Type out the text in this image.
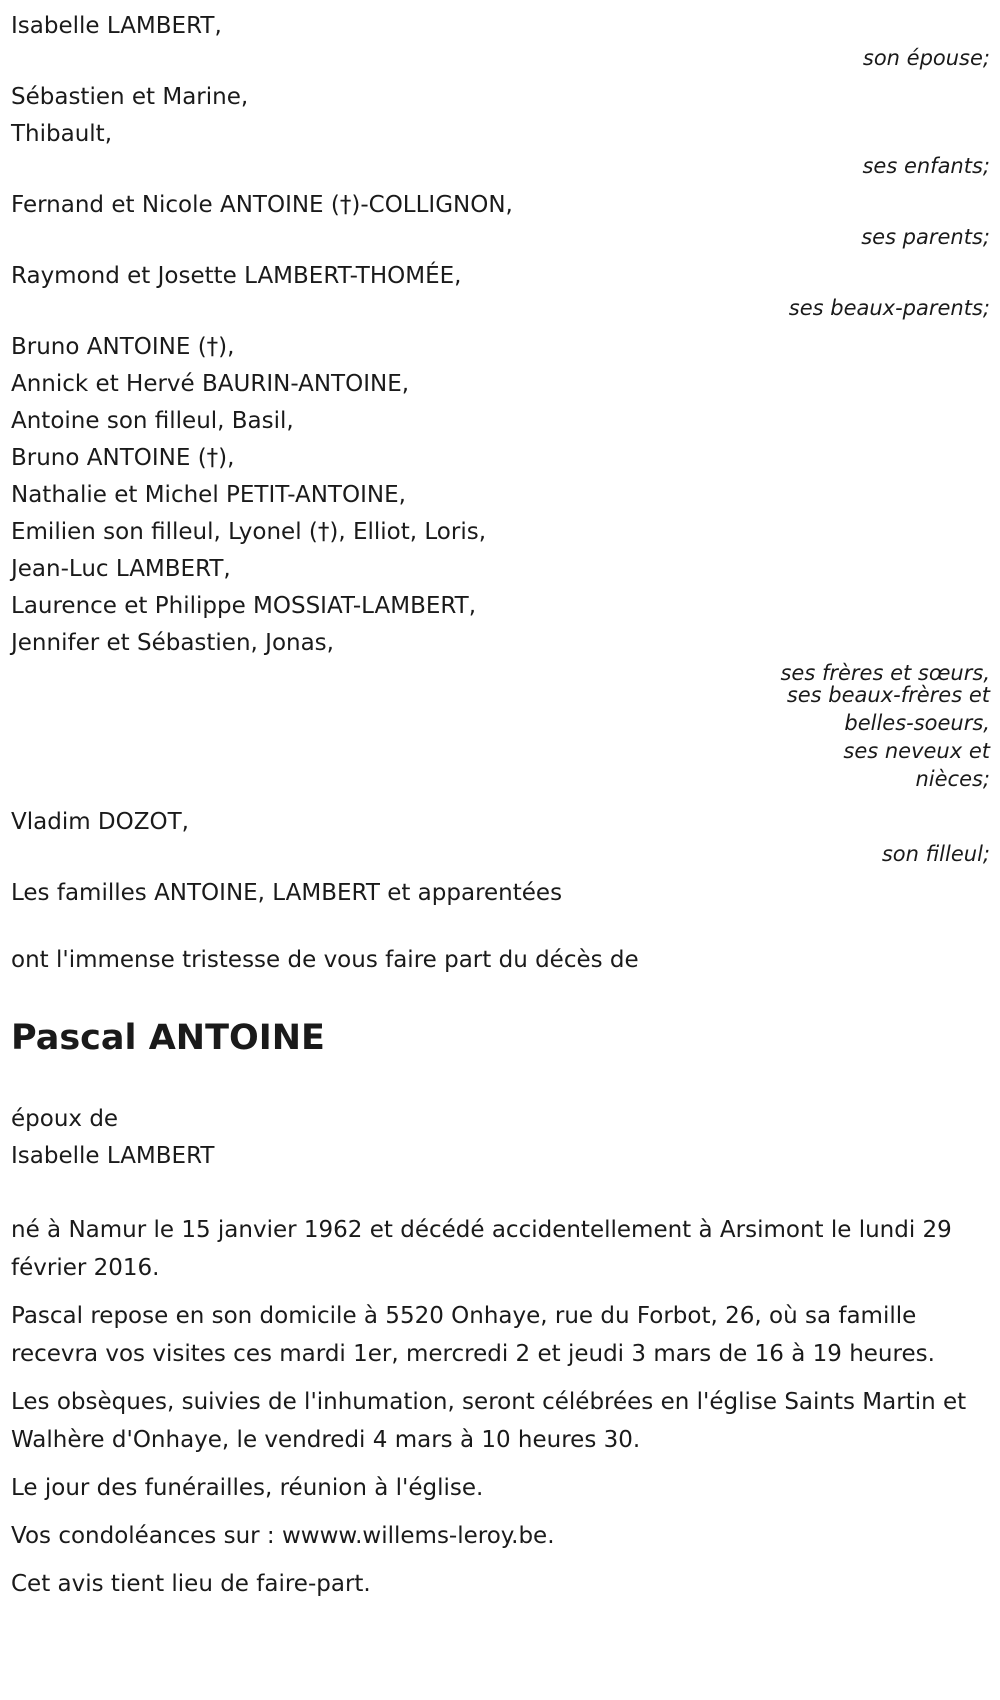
Isabelle LAMBERT,
son épouse;
Sébastien et Marine,
Thibault,
ses enfants;
Fernand et Nicole ANTOINE (†)-COLLIGNON,
ses parents;
Raymond et Josette LAMBERT-THOMÉE,
ses beaux-parents;
Bruno ANTOINE (†),
Annick et Hervé BAURIN-ANTOINE,
Antoine son filleul, Basil,
Bruno ANTOINE (†),
Nathalie et Michel PETIT-ANTOINE,
Emilien son filleul, Lyonel (†), Elliot, Loris,
Jean-Luc LAMBERT,
Laurence et Philippe MOSSIAT-LAMBERT,
Jennifer et Sébastien, Jonas,
ses frères et sœurs,
ses beaux-frères et
belles-soeurs,
ses neveux et
nièces;
Vladim DOZOT,
son filleul;
Les familles ANTOINE, LAMBERT et apparentées
ont l'immense tristesse de vous faire part du décès de
Pascal ANTOINE
époux de
Isabelle LAMBERT

né à Namur le 15 janvier 1962 et décédé accidentellement à Arsimont le lundi 29 février 2016.

Pascal repose en son domicile à 5520 Onhaye, rue du Forbot, 26, où sa famille recevra vos visites ces mardi 1er, mercredi 2 et jeudi 3 mars de 16 à 19 heures.

Les obsèques, suivies de l'inhumation, seront célébrées en l'église Saints Martin et Walhère d'Onhaye, le vendredi 4 mars à 10 heures 30.

Le jour des funérailles, réunion à l'église.

Vos condoléances sur : wwww.willems-leroy.be.

Cet avis tient lieu de faire-part.
